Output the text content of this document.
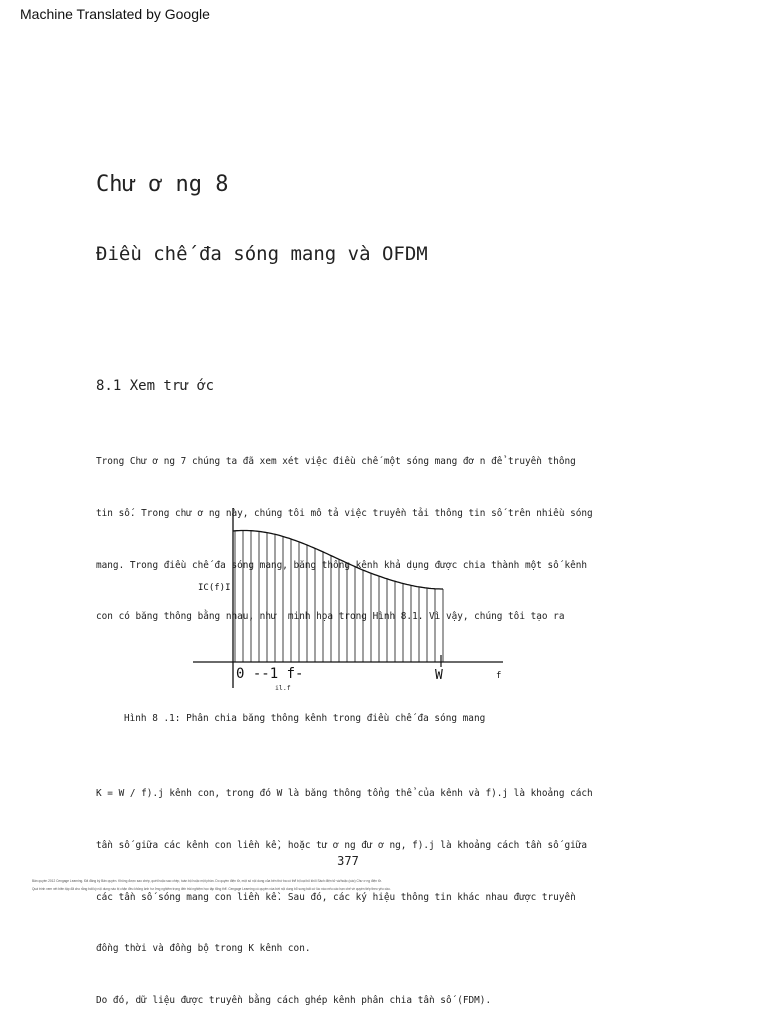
Machine Translated by Google
Chư ơ ng 8
Điều chế đa sóng mang và OFDM
8.1 Xem trư ớc

Trong Chư ơ ng 7 chúng ta đã xem xét việc điều chế một sóng mang đơ n để truyền thông

tin số. Trong chư ơ ng này, chúng tôi mô tả việc truyền tải thông tin số trên nhiều sóng

mang. Trong điều chế đa sóng mang, băng thông kênh khả dụng được chia thành một số kênh

con có băng thông bằng nhau, như  minh họa trong Hình 8.1. Vì vậy, chúng tôi tạo ra

IC(f)I
0 --1 f-
il.f
W	f
Hình 8 .1: Phân chia băng thông kênh trong điều chế đa sóng mang

K = W / f).j kênh con, trong đó W là băng thông tổng thể của kênh và f).j là khoảng cách

tần số giữa các kênh con liền kề, hoặc tư ơ ng đư ơ ng, f).j là khoảng cách tần số giữa

các tần số sóng mang con liền kề. Sau đó, các ký hiệu thông tin khác nhau được truyền

đồng thời và đồng bộ trong K kênh con.

Do đó, dữ liệu được truyền bằng cách ghép kênh phân chia tần số (FDM).

377
Bản quyền 2012 Cengage Learning. Đã đăng ký Bản quyền. Không được sao chép, quét hoặc sao chép, toàn bộ hoặc một phần. Do quyền điện tử, một số nội dung của bên thứ ba có thể bị loại bỏ khỏi Sách điện tử và/hoặc (các) Chư ơ ng điện tử.
Quá trình xem xét biên tập đã cho rằng bất kỳ nội dung nào bị chặn đều không ảnh hư ởng nghiêm trọng đến trải nghiệm học tập tổng thể. Cengage Learning có quyền xóa bớt nội dung bổ sung bất cứ lúc nào nếu các hạn chế về quyền tiếp theo yêu cầu.
